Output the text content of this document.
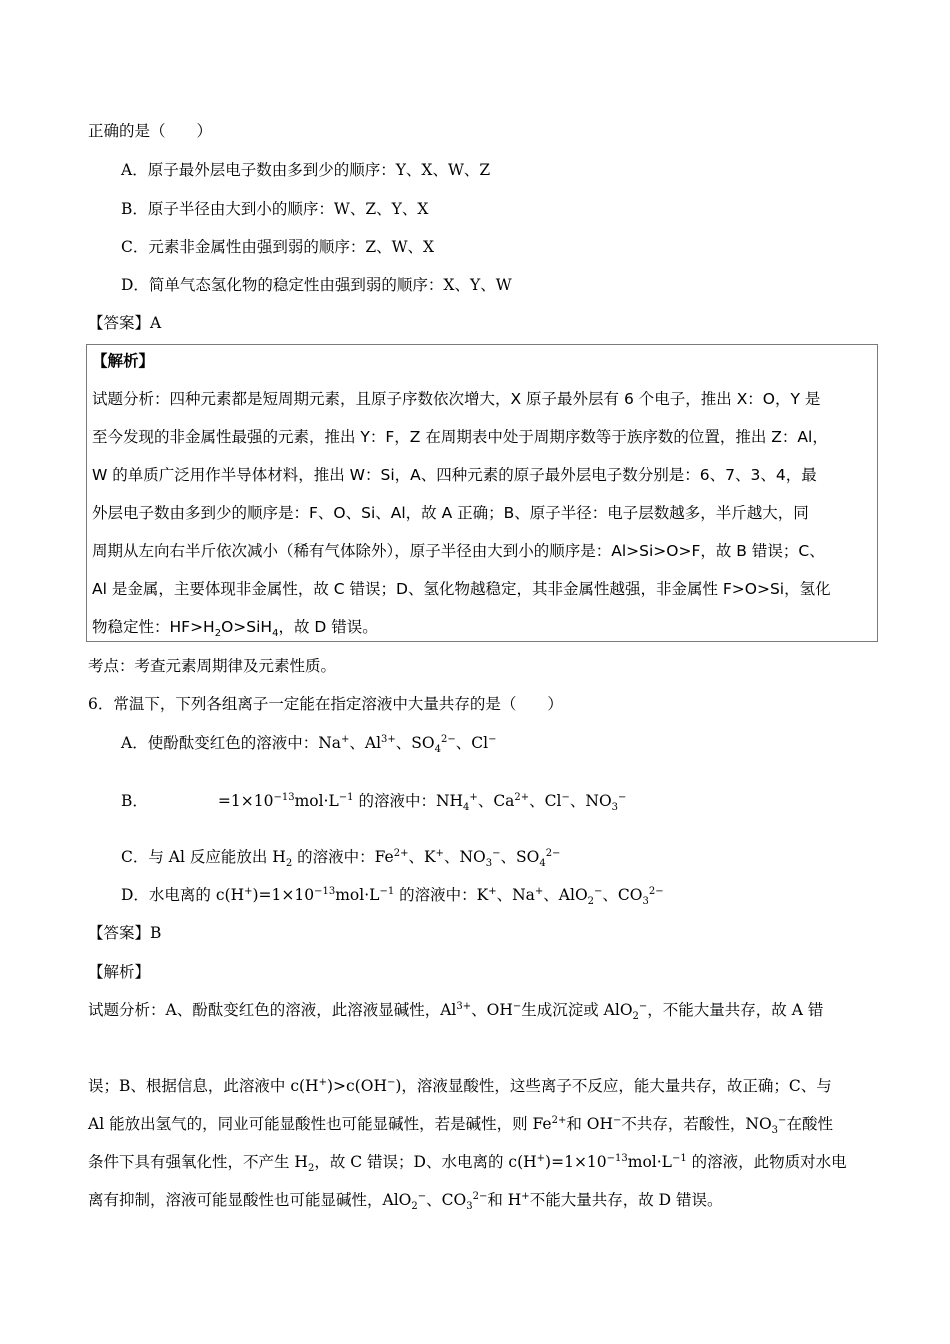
正确的是（　　）
A．原子最外层电子数由多到少的顺序：Y、X、W、Z
B．原子半径由大到小的顺序：W、Z、Y、X
C．元素非金属性由强到弱的顺序：Z、W、X
D．简单气态氢化物的稳定性由强到弱的顺序：X、Y、W
【答案】A
【解析】
试题分析：四种元素都是短周期元素，且原子序数依次增大，X 原子最外层有 6 个电子，推出 X：O，Y 是
至今发现的非金属性最强的元素，推出 Y：F，Z 在周期表中处于周期序数等于族序数的位置，推出 Z：Al，
W 的单质广泛用作半导体材料，推出 W：Si，A、四种元素的原子最外层电子数分别是：6、7、3、4，最
外层电子数由多到少的顺序是：F、O、Si、Al，故 A 正确；B、原子半径：电子层数越多，半斤越大，同
周期从左向右半斤依次减小（稀有气体除外），原子半径由大到小的顺序是：Al>Si>O>F，故 B 错误；C、
Al 是金属，主要体现非金属性，故 C 错误；D、氢化物越稳定，其非金属性越强，非金属性 F>O>Si，氢化
物稳定性：$HF>H_2O>SiH_4$，故 D 错误。
考点：考查元素周期律及元素性质。
6．常温下，下列各组离子一定能在指定溶液中大量共存的是（　　）
A．使酚酞变红色的溶液中：Na+、$Al^{3+}$、$SO_4^{2-}$、Cl−
B．	$=1\times 10^{-13}mol\cdot L^{-1}$ 的溶液中：$NH_4^+$、$Ca^{2+}$、Cl−、$NO_3^-$
C．与 Al 反应能放出 $H_2$ 的溶液中：$Fe^{2+}$、K+、$NO_3^-$、$SO_4^{2-}$
D．水电离的 $c(H^+)=1\times 10^{-13}mol\cdot L^{-1}$ 的溶液中：K+、Na+、AlO$_2$−、$CO_3^{2-}$
【答案】B
【解析】
试题分析：A、酚酞变红色的溶液，此溶液显碱性，$Al^{3+}$、OH−生成沉淀或 AlO$_2$−，不能大量共存，故 A 错
误；B、根据信息，此溶液中 c(H+)>c(OH−)，溶液显酸性，这些离子不反应，能大量共存，故正确；C、与
Al 能放出氢气的，同业可能显酸性也可能显碱性，若是碱性，则 $Fe^{2+}$和 OH−不共存，若酸性，$NO_3^-$在酸性
条件下具有强氧化性，不产生 $H_2$，故 C 错误；D、水电离的 $c(H^+)=1\times 10^{-13}mol\cdot L^{-1}$ 的溶液，此物质对水电
离有抑制，溶液可能显酸性也可能显碱性，AlO$_2$−、$CO_3^{2-}$和 H+不能大量共存，故 D 错误。
